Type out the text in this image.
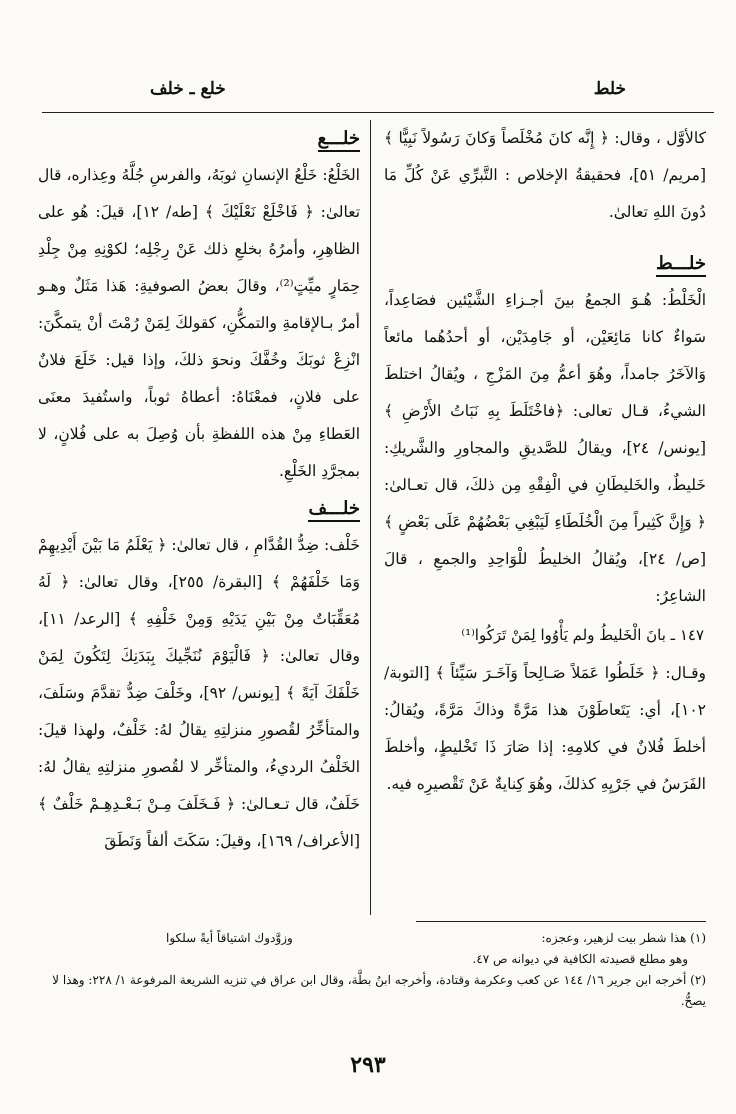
خلط
خلع ـ خلف

كالأوَّل ، وقال: ﴿ إِنَّه كانَ مُخْلَصاً وَكانَ رَسُولاً نَبِيًّا ﴾ [مريم/ ٥١]، فحقيقةُ الإخلاص : التَّبرِّي عَنْ كُلِّ مَا دُونَ اللهِ تعالىٰ.

خلـــط

الْخَلْطُ: هُـوَ الجمعُ بينَ أجـزاءِ الشَّيْئين فصَاعِداً، سَواءٌ كانا مَائِعَيْن، أو جَامِدَيْن، أو أحدُهُما مائعاً وَالآخَرُ جامداً، وهُوَ أعمُّ مِنَ المَزْجِ ، ويُقالُ اختلطَ الشيءُ، قـال تعالى: ﴿فاخْتَلَطَ بِهِ نَبَاتُ الأَرْضِ ﴾ [يونس/ ٢٤]، ويقالُ للصَّديقِ والمجاورِ والشَّريكِ: خَليطٌ، والخَليطَانِ في الْفِقْهِ مِن ذلكَ، قال تعـالىٰ: ﴿ وَإِنَّ كَثِيراً مِنَ الْخُلَطَاءِ لَيَبْغِي بَعْضُهُمْ عَلَى بَعْضٍ ﴾ [ص/ ٢٤]، ويُقالُ الخليطُ للْوَاحِدِ والجمعِ ، قالَ الشاعِرُ:

١٤٧ ـ بانَ الْخَليطُ ولم يَأْوُوا لِمَنْ تَرَكُوا⁽¹⁾

وقـال: ﴿ خَلَطُوا عَمَلاً صَـالِحاً وَآخَـرَ سَيِّئاً ﴾ [التوبة/ ١٠٢]، أي: يَتَعاطَوْنَ هذا مَرَّةً وذاكَ مَرَّةً، ويُقالُ: أخلطَ فُلانٌ في كلامِهِ: إذا صَارَ ذَا تَخْليطٍ، وأخلطَ الفَرَسُ في جَرْيِهِ كذلكَ، وهُوَ كِنايةٌ عَنْ تَقْصيرِه فيه.

خلـــع

الخَلْعُ: خَلْعُ الإنسانِ ثوبَهُ، والفرسِ جُلَّهُ وعِذاره، قال تعالىٰ: ﴿ فَاخْلَعْ نَعْلَيْكَ ﴾ [طه/ ١٢]، قيلَ: هُو على الظاهِرِ، وأمرُهُ بخلعِ ذلك عَنْ رِجْلِه؛ لكوْنِهِ مِنْ جِلْدِ حِمَارٍ ميِّتٍ⁽²⁾، وقالَ بعضُ الصوفيةِ: هَذا مَثَلٌ وهـو أمرٌ بـالإقامةِ والتمكُّنِ، كقولكَ لِمَنْ رُمْتَ أنْ يتمكَّنَ: انْزِعْ ثوبَكَ وخُفَّكَ ونحوَ ذلكَ، وإذا قيل: خَلَعَ فلانٌ على فلانٍ، فمعْنَاهُ: أعطاهُ ثوباً، واستُفيدَ معنَى العَطاءِ مِنْ هذه اللفظةِ بأن وُصِلَ به على فُلانٍ، لا بمجرَّدِ الخَلْعِ.

خلـــف

خَلْف: ضِدُّ القُدَّامِ ، قال تعالىٰ: ﴿ يَعْلَمُ مَا بَيْنَ أَيْدِيهِمْ وَمَا خَلْفَهُمْ ﴾ [البقرة/ ٢٥٥]، وقال تعالىٰ: ﴿ لَهُ مُعَقِّبَاتٌ مِنْ بَيْنِ يَدَيْهِ وَمِنْ خَلْفِهِ ﴾ [الرعد/ ١١]، وقال تعالىٰ: ﴿ فَالْيَوْمَ نُنَجِّيكَ بِبَدَنِكَ لِتَكُونَ لِمَنْ خَلْفَكَ آيَةً ﴾ [يونس/ ٩٢]، وخَلْفَ ضِدُّ تقدَّمَ وسَلَفَ، والمتأخِّرُ لقُصورِ منزلتِهِ يقالُ لهُ: خَلْفٌ، ولهذا قيلَ: الخَلْفُ الرديءُ، والمتأخِّر لا لقُصورِ منزلتِهِ يقالُ لهُ: خَلَفٌ، قال تـعـالىٰ: ﴿ فَـخَلَفَ مِـنْ بَـعْـدِهِـمْ خَلْفٌ ﴾ [الأعراف/ ١٦٩]، وقيلَ: سَكَتَ ألفاً وَنَطَقَ

(١) هذا شطر بيت لزهير، وعجزه:
وزوَّدوك اشتياقاً أيةً سلكوا

وهو مطلع قصيدته الكافية في ديوانه ص ٤٧.

(٢) أخرجه ابن جرير ١٦/ ١٤٤ عن كعب وعكرمة وقتادة، وأخرجه ابنُ بطَّة، وقال ابن عراق في تنزيه الشريعة المرفوعة ١/ ٢٢٨: وهذا لا يصحُّ.

٢٩٣
